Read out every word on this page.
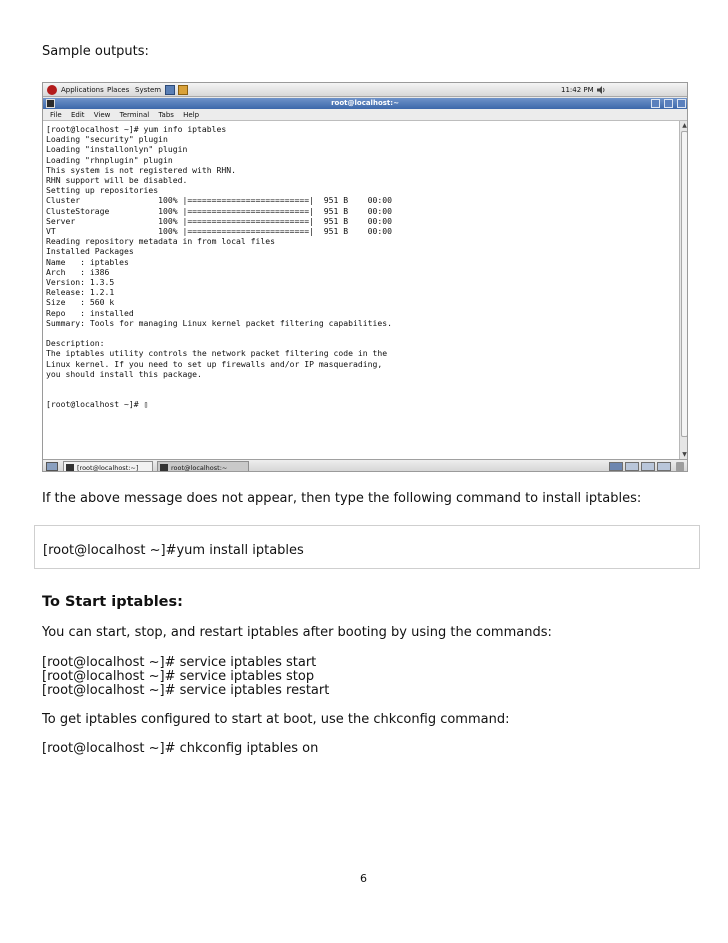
Sample outputs:
Applications Places System	11:42 PM
root@localhost:~
File Edit View Terminal Tabs Help
[root@localhost ~]# yum info iptables
Loading "security" plugin
Loading "installonlyn" plugin
Loading "rhnplugin" plugin
This system is not registered with RHN.
RHN support will be disabled.
Setting up repositories
Cluster                100% |=========================|  951 B    00:00
ClusteStorage          100% |=========================|  951 B    00:00
Server                 100% |=========================|  951 B    00:00
VT                     100% |=========================|  951 B    00:00
Reading repository metadata in from local files
Installed Packages
Name   : iptables
Arch   : i386
Version: 1.3.5
Release: 1.2.1
Size   : 560 k
Repo   : installed
Summary: Tools for managing Linux kernel packet filtering capabilities.

Description:
The iptables utility controls the network packet filtering code in the
Linux kernel. If you need to set up firewalls and/or IP masquerading,
you should install this package.

[root@localhost ~]# ▯
▲
▼
[root@localhost:~]	root@localhost:~
If the above message does not appear, then type the following command to install iptables:
[root@localhost ~]#yum install iptables
To Start iptables:
You can start, stop, and restart iptables after booting by using the commands:
[root@localhost ~]# service iptables start
[root@localhost ~]# service iptables stop
[root@localhost ~]# service iptables restart
To get iptables configured to start at boot, use the chkconfig command:
[root@localhost ~]# chkconfig iptables on
6
